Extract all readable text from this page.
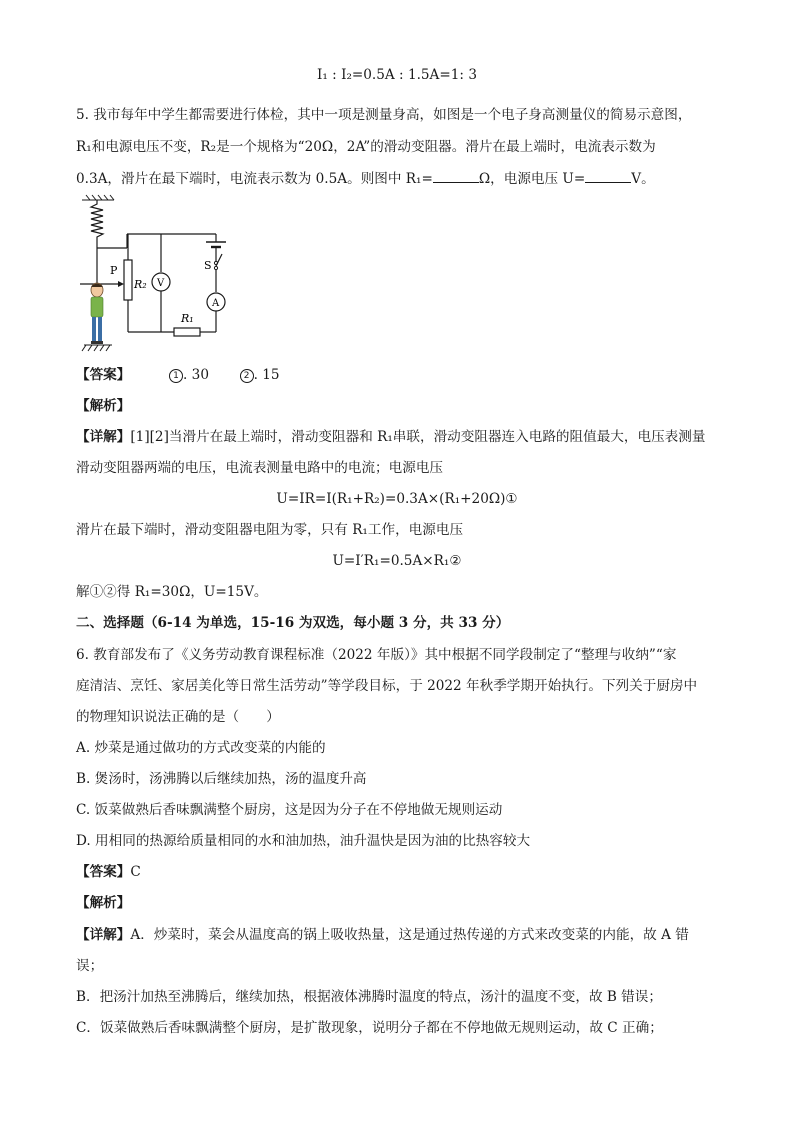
I₁ : I₂=0.5A : 1.5A=1: 3
5. 我市每年中学生都需要进行体检，其中一项是测量身高，如图是一个电子身高测量仪的简易示意图，
R₁和电源电压不变，R₂是一个规格为“20Ω，2A”的滑动变阻器。滑片在最上端时，电流表示数为
0.3A，滑片在最下端时，电流表示数为 0.5A。则图中 R₁=	Ω，电源电压 U=	V。
P
R₂ V
R₁
S
A
【答案】	1 . 30	2 . 15
【解析】
【详解】[1][2]当滑片在最上端时，滑动变阻器和 R₁串联，滑动变阻器连入电路的阻值最大，电压表测量
滑动变阻器两端的电压，电流表测量电路中的电流；电源电压
U=IR=I(R₁+R₂)=0.3A×(R₁+20Ω)①
滑片在最下端时，滑动变阻器电阻为零，只有 R₁工作，电源电压
U=I′R₁=0.5A×R₁②
解①②得 R₁=30Ω，U=15V。
二、选择题（6-14 为单选，15-16 为双选，每小题 3 分，共 33 分）
6. 教育部发布了《义务劳动教育课程标准（2022 年版）》其中根据不同学段制定了“整理与收纳”“家
庭清洁、烹饪、家居美化等日常生活劳动”等学段目标，于 2022 年秋季学期开始执行。下列关于厨房中
的物理知识说法正确的是（　　）
A. 炒菜是通过做功的方式改变菜的内能的
B. 煲汤时，汤沸腾以后继续加热，汤的温度升高
C. 饭菜做熟后香味飘满整个厨房，这是因为分子在不停地做无规则运动
D. 用相同的热源给质量相同的水和油加热，油升温快是因为油的比热容较大
【答案】C
【解析】
【详解】A．炒菜时，菜会从温度高的锅上吸收热量，这是通过热传递的方式来改变菜的内能，故 A 错
误；
B．把汤汁加热至沸腾后，继续加热，根据液体沸腾时温度的特点，汤汁的温度不变，故 B 错误；
C．饭菜做熟后香味飘满整个厨房，是扩散现象，说明分子都在不停地做无规则运动，故 C 正确；
